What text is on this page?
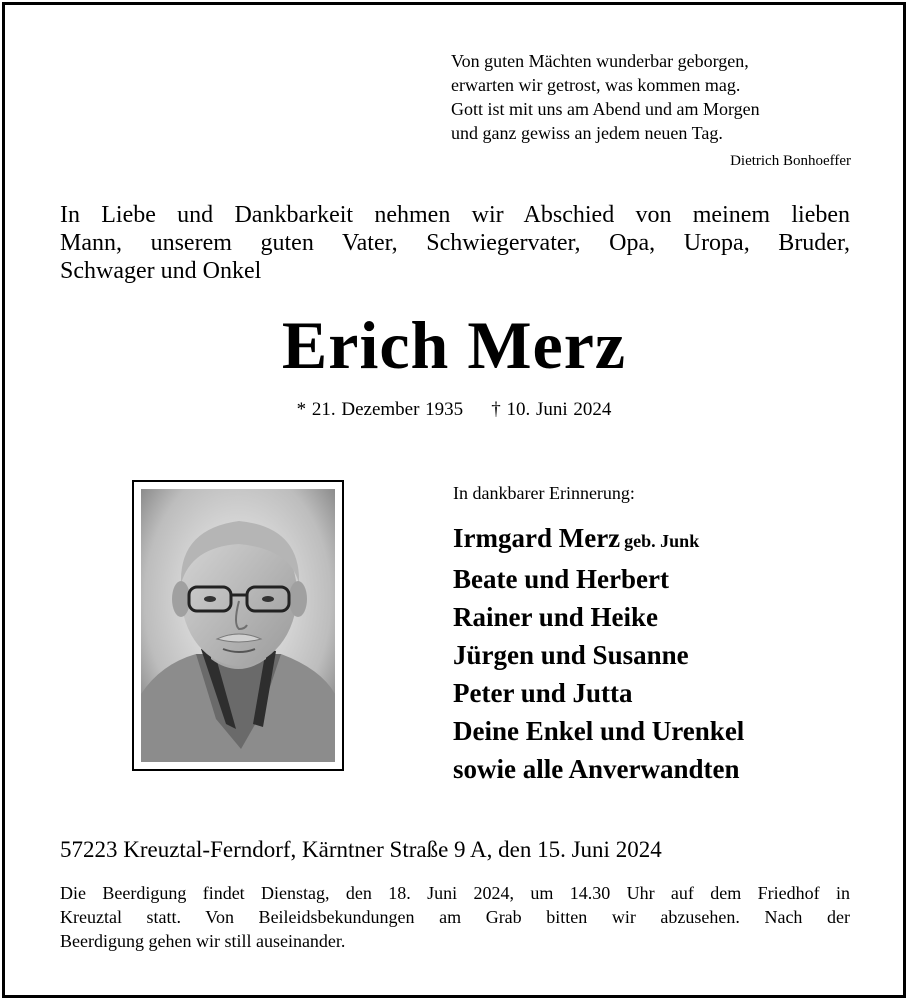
Von guten Mächten wunderbar geborgen,
erwarten wir getrost, was kommen mag.
Gott ist mit uns am Abend und am Morgen
und ganz gewiss an jedem neuen Tag.
Dietrich Bonhoeffer
In Liebe und Dankbarkeit nehmen wir Abschied von meinem lieben
Mann, unserem guten Vater, Schwiegervater, Opa, Uropa, Bruder,
Schwager und Onkel
Erich Merz
* 21. Dezember 1935 † 10. Juni 2024
In dankbarer Erinnerung:
Irmgard Merz geb. Junk
Beate und Herbert
Rainer und Heike
Jürgen und Susanne
Peter und Jutta
Deine Enkel und Urenkel
sowie alle Anverwandten
57223 Kreuztal-Ferndorf, Kärntner Straße 9 A, den 15. Juni 2024
Die Beerdigung findet Dienstag, den 18. Juni 2024, um 14.30 Uhr auf dem Friedhof in
Kreuztal statt. Von Beileidsbekundungen am Grab bitten wir abzusehen. Nach der
Beerdigung gehen wir still auseinander.
